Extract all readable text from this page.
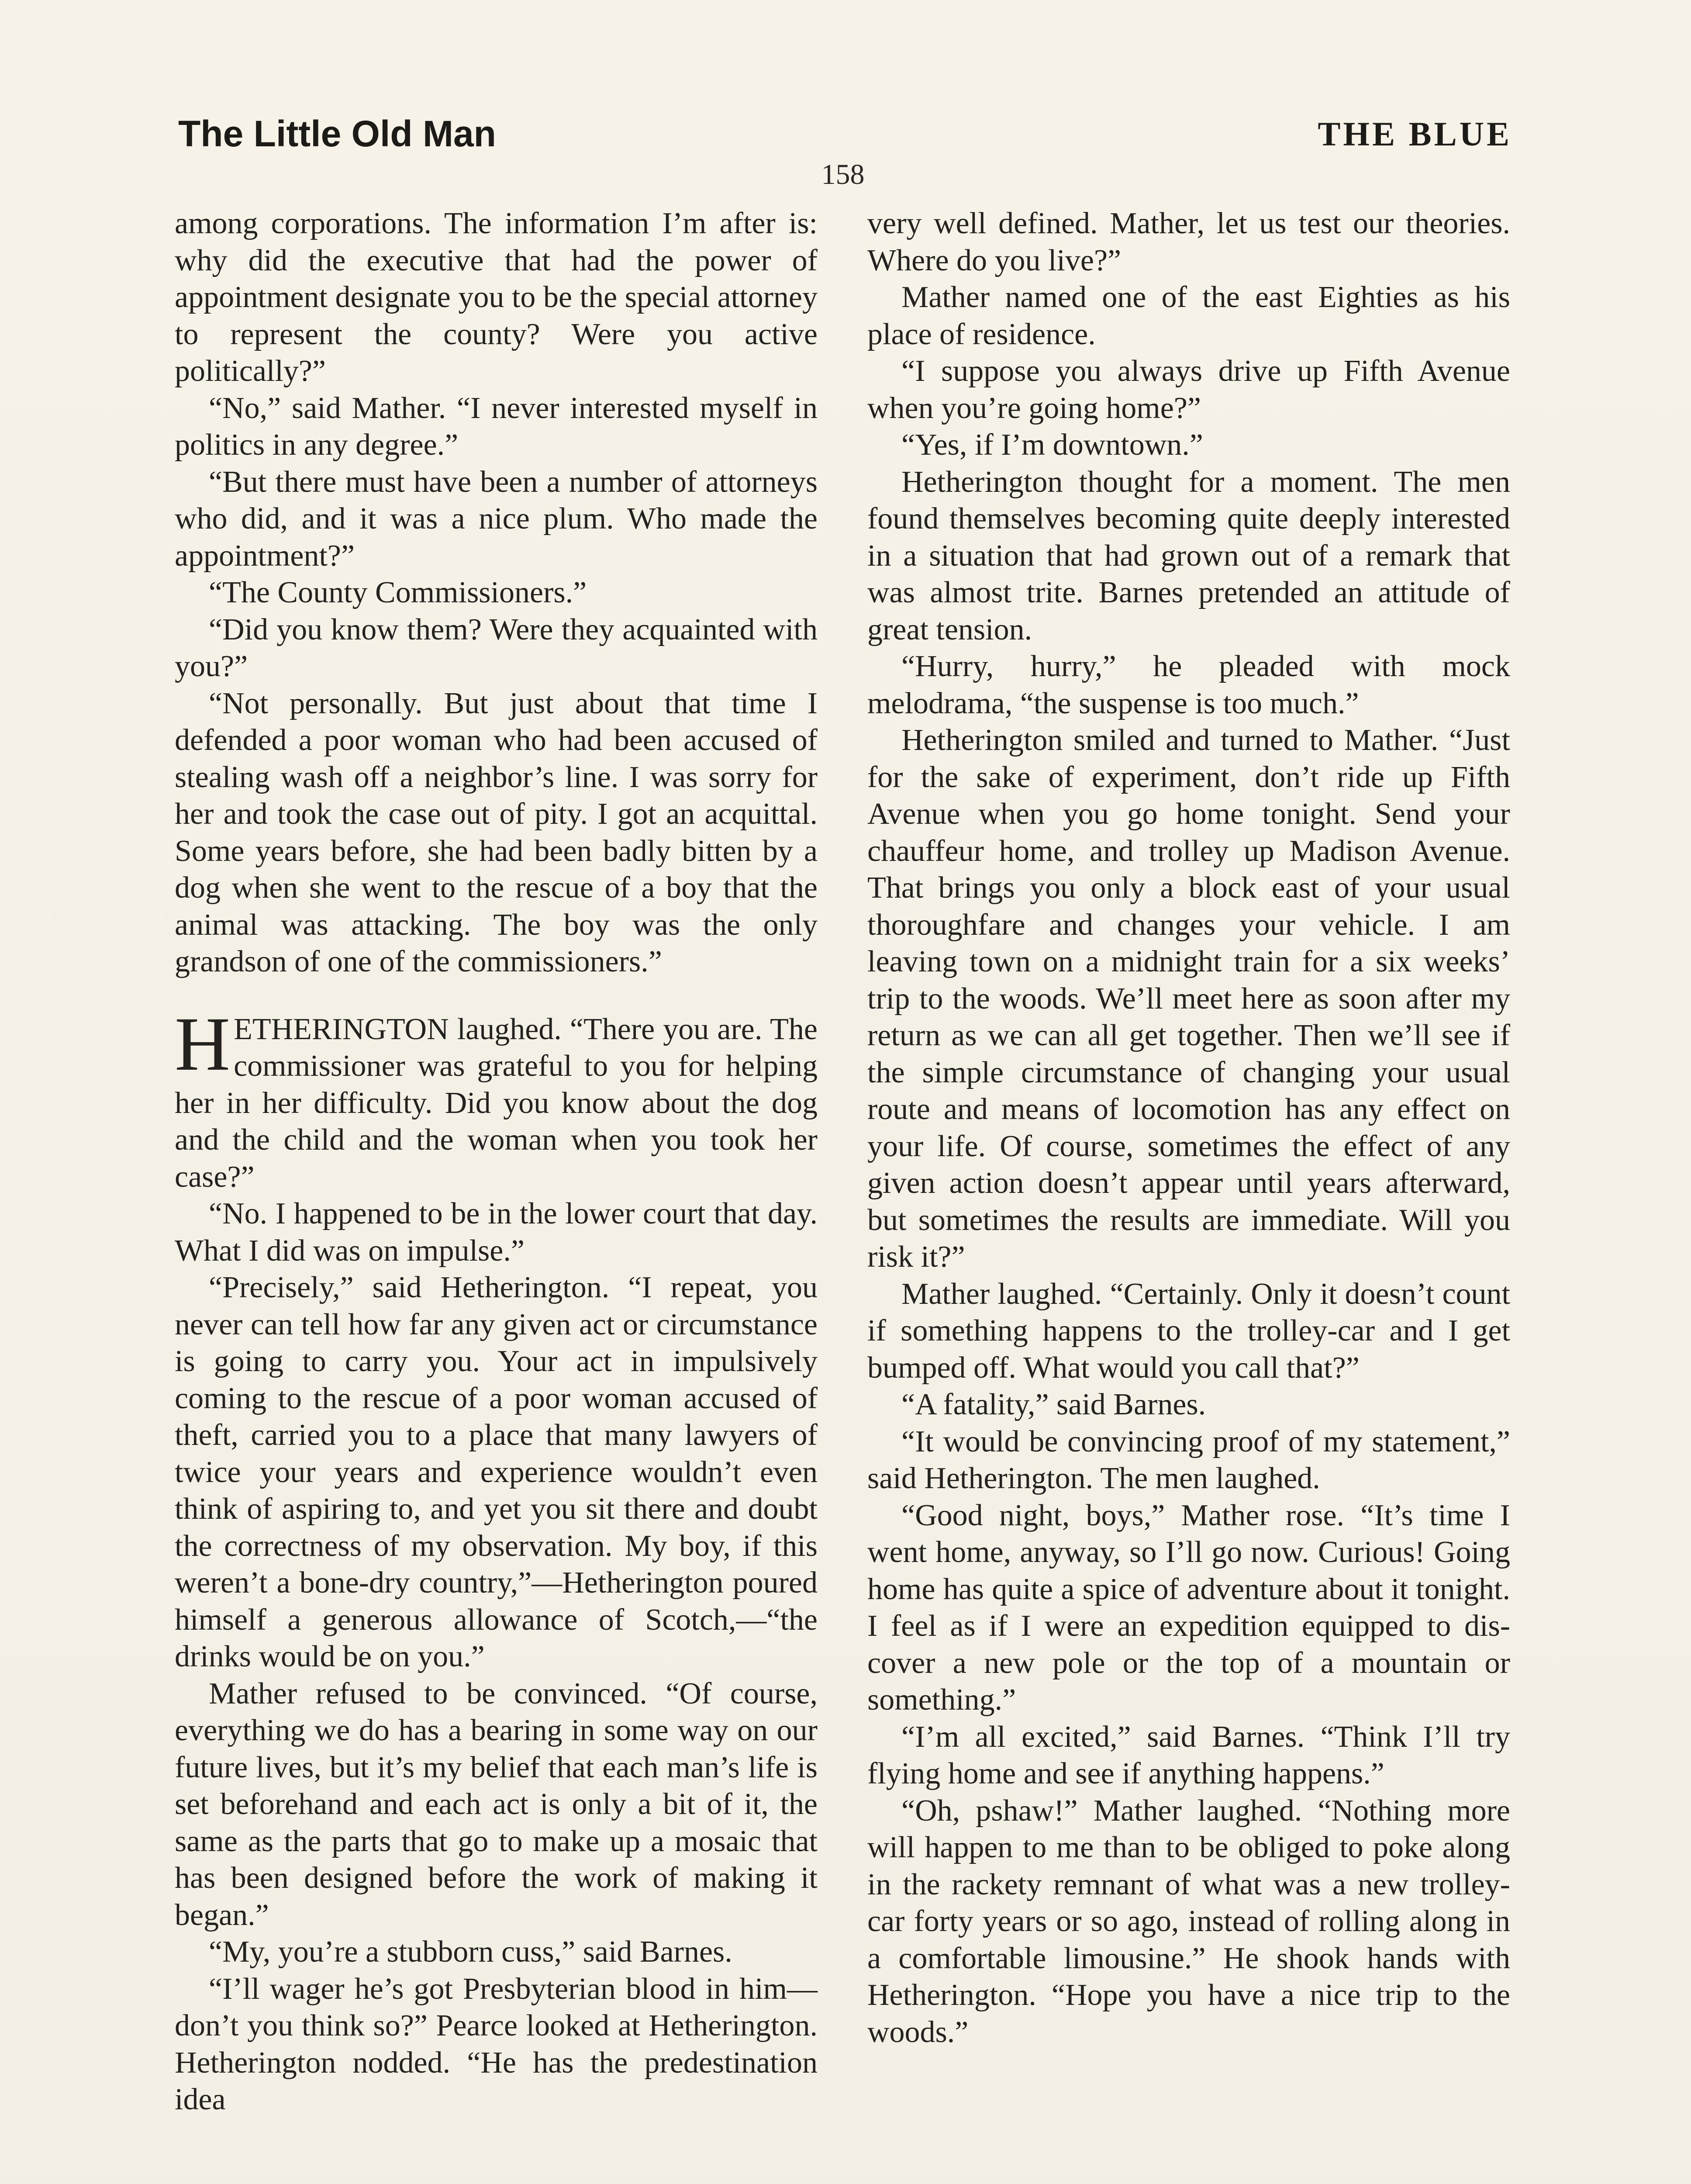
The Little Old Man	THE BLUE
158

among corporations. The information I’m after is: why did the executive that had the power of appointment designate you to be the special attorney to represent the county? Were you active politically?”

“No,” said Mather. “I never interested myself in politics in any degree.”

“But there must have been a number of attorneys who did, and it was a nice plum. Who made the appointment?”

“The County Commissioners.”

“Did you know them? Were they acquainted with you?”

“Not personally. But just about that time I defended a poor woman who had been accused of stealing wash off a neighbor’s line. I was sorry for her and took the case out of pity. I got an acquittal. Some years before, she had been badly bitten by a dog when she went to the rescue of a boy that the animal was attacking. The boy was the only grandson of one of the commissioners.”

HETHERINGTON laughed. “There you are. The commissioner was grateful to you for helping her in her difficulty. Did you know about the dog and the child and the woman when you took her case?”

“No. I happened to be in the lower court that day. What I did was on impulse.”

“Precisely,” said Hetherington. “I repeat, you never can tell how far any given act or circumstance is going to carry you. Your act in impulsively coming to the rescue of a poor woman accused of theft, carried you to a place that many lawyers of twice your years and experience wouldn’t even think of aspiring to, and yet you sit there and doubt the correctness of my observation. My boy, if this weren’t a bone-dry country,”—Hetherington poured himself a generous allowance of Scotch,—“the drinks would be on you.”

Mather refused to be convinced. “Of course, everything we do has a bearing in some way on our future lives, but it’s my belief that each man’s life is set beforehand and each act is only a bit of it, the same as the parts that go to make up a mosaic that has been designed before the work of making it began.”

“My, you’re a stubborn cuss,” said Barnes.

“I’ll wager he’s got Presbyterian blood in him—don’t you think so?” Pearce looked at Hetherington. Hetherington nodded. “He has the predestination idea

very well defined. Mather, let us test our theories. Where do you live?”

Mather named one of the east Eighties as his place of residence.

“I suppose you always drive up Fifth Avenue when you’re going home?”

“Yes, if I’m downtown.”

Hetherington thought for a moment. The men found themselves becoming quite deeply interested in a situation that had grown out of a remark that was almost trite. Barnes pretended an attitude of great tension.

“Hurry, hurry,” he pleaded with mock melodrama, “the suspense is too much.”

Hetherington smiled and turned to Mather. “Just for the sake of experiment, don’t ride up Fifth Avenue when you go home tonight. Send your chauffeur home, and trolley up Madison Avenue. That brings you only a block east of your usual thoroughfare and changes your vehicle. I am leaving town on a midnight train for a six weeks’ trip to the woods. We’ll meet here as soon after my return as we can all get together. Then we’ll see if the simple circumstance of changing your usual route and means of locomotion has any effect on your life. Of course, sometimes the effect of any given action doesn’t appear until years afterward, but sometimes the results are immediate. Will you risk it?”

Mather laughed. “Certainly. Only it doesn’t count if something happens to the trolley-car and I get bumped off. What would you call that?”

“A fatality,” said Barnes.

“It would be convincing proof of my statement,” said Hetherington. The men laughed.

“Good night, boys,” Mather rose. “It’s time I went home, anyway, so I’ll go now. Curious! Going home has quite a spice of adventure about it tonight. I feel as if I were an expedition equipped to discover a new pole or the top of a mountain or something.”

“I’m all excited,” said Barnes. “Think I’ll try flying home and see if anything happens.”

“Oh, pshaw!” Mather laughed. “Nothing more will happen to me than to be obliged to poke along in the rackety remnant of what was a new trolley-car forty years or so ago, instead of rolling along in a comfortable limousine.” He shook hands with Hetherington. “Hope you have a nice trip to the woods.”
